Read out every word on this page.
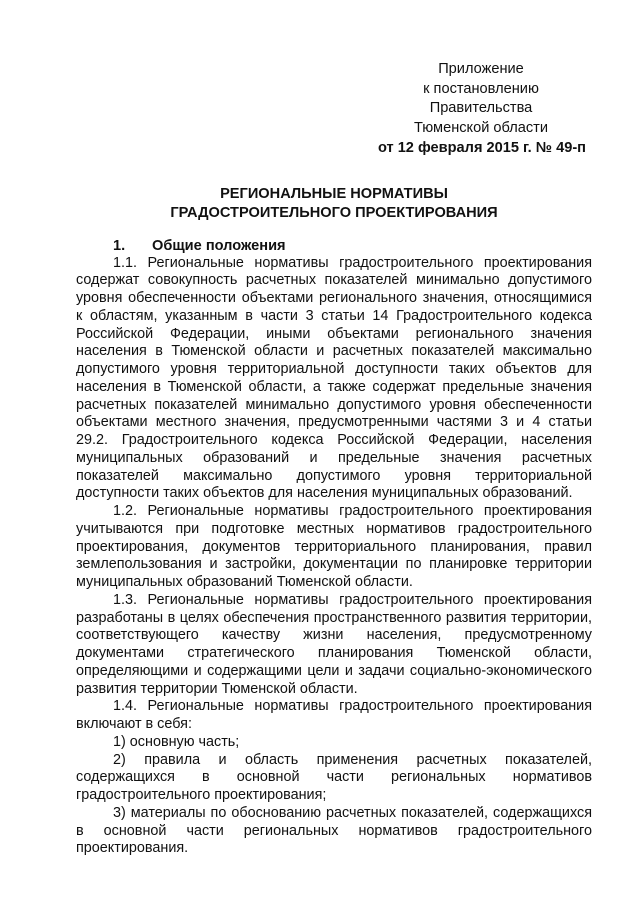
Приложение
к постановлению Правительства
Тюменской области
от 12 февраля 2015 г. № 49-п
РЕГИОНАЛЬНЫЕ НОРМАТИВЫ
ГРАДОСТРОИТЕЛЬНОГО ПРОЕКТИРОВАНИЯ
1. Общие положения

1.1. Региональные нормативы градостроительного проектирования содержат совокупность расчетных показателей минимально допустимого уровня обеспеченности объектами регионального значения, относящимися к областям, указанным в части 3 статьи 14 Градостроительного кодекса Российской Федерации, иными объектами регионального значения населения в Тюменской области и расчетных показателей максимально допустимого уровня территориальной доступности таких объектов для населения в Тюменской области, а также содержат предельные значения расчетных показателей минимально допустимого уровня обеспеченности объектами местного значения, предусмотренными частями 3 и 4 статьи 29.2. Градостроительного кодекса Российской Федерации, населения муниципальных образований и предельные значения расчетных показателей максимально допустимого уровня территориальной доступности таких объектов для населения муниципальных образований.

1.2. Региональные нормативы градостроительного проектирования учитываются при подготовке местных нормативов градостроительного проектирования, документов территориального планирования, правил землепользования и застройки, документации по планировке территории муниципальных образований Тюменской области.

1.3. Региональные нормативы градостроительного проектирования разработаны в целях обеспечения пространственного развития территории, соответствующего качеству жизни населения, предусмотренному документами стратегического планирования Тюменской области, определяющими и содержащими цели и задачи социально-экономического развития территории Тюменской области.

1.4. Региональные нормативы градостроительного проектирования включают в себя:

1) основную часть;

2) правила и область применения расчетных показателей, содержащихся в основной части региональных нормативов градостроительного проектирования;

3) материалы по обоснованию расчетных показателей, содержащихся в основной части региональных нормативов градостроительного проектирования.
